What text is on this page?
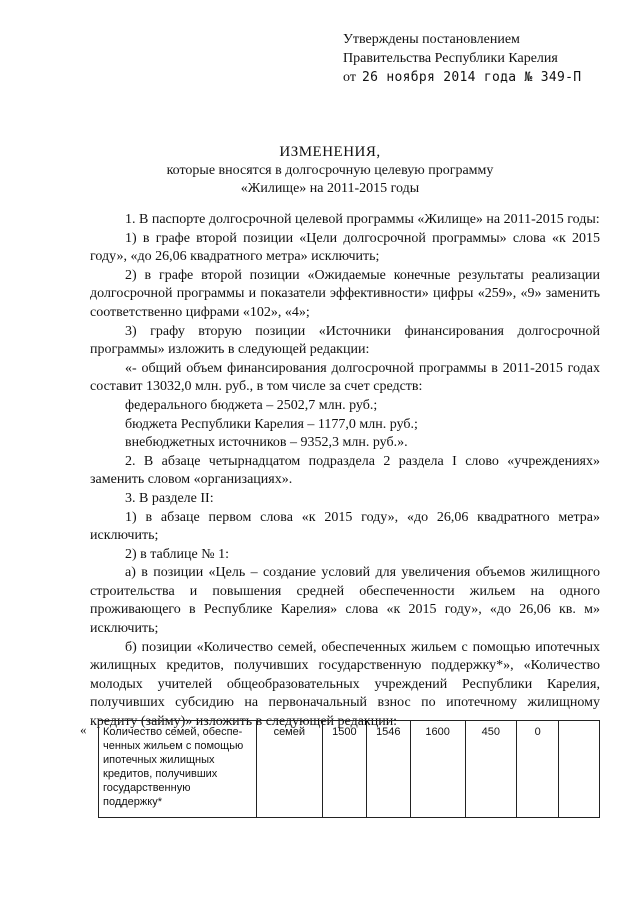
Утверждены постановлением
Правительства Республики Карелия
от 26 ноября 2014 года № 349-П
ИЗМЕНЕНИЯ,
которые вносятся в долгосрочную целевую программу
«Жилище» на 2011-2015 годы

1. В паспорте долгосрочной целевой программы «Жилище» на 2011-2015 годы:

1) в графе второй позиции «Цели долгосрочной программы» слова «к 2015 году», «до 26,06 квадратного метра» исключить;

2) в графе второй позиции «Ожидаемые конечные результаты реализации долгосрочной программы и показатели эффективности» цифры «259», «9» заменить соответственно цифрами «102», «4»;

3) графу вторую позиции «Источники финансирования долгосрочной программы» изложить в следующей редакции:

«- общий объем финансирования долгосрочной программы в 2011-2015 годах составит 13032,0 млн. руб., в том числе за счет средств:

федерального бюджета – 2502,7 млн. руб.;

бюджета Республики Карелия – 1177,0 млн. руб.;

внебюджетных источников – 9352,3 млн. руб.».

2. В абзаце четырнадцатом подраздела 2 раздела I слово «учреждениях» заменить словом «организациях».

3. В разделе II:

1) в абзаце первом слова «к 2015 году», «до 26,06 квадратного метра» исключить;

2) в таблице № 1:

а) в позиции «Цель – создание условий для увеличения объемов жилищного строительства и повышения средней обеспеченности жильем на одного проживающего в Республике Карелия» слова «к 2015 году», «до 26,06 кв. м» исключить;

б) позиции «Количество семей, обеспеченных жильем с помощью ипотечных жилищных кредитов, получивших государственную поддержку*», «Количество молодых учителей общеобразовательных учреждений Республики Карелия, получивших субсидию на первоначальный взнос по ипотечному жилищному кредиту (займу)» изложить в следующей редакции:

« Количество семей, обеспе-ченных жильем с помощью ипотечных жилищных кредитов, получивших государственную поддержку*	семей	1500	1546	1600	450	0	
